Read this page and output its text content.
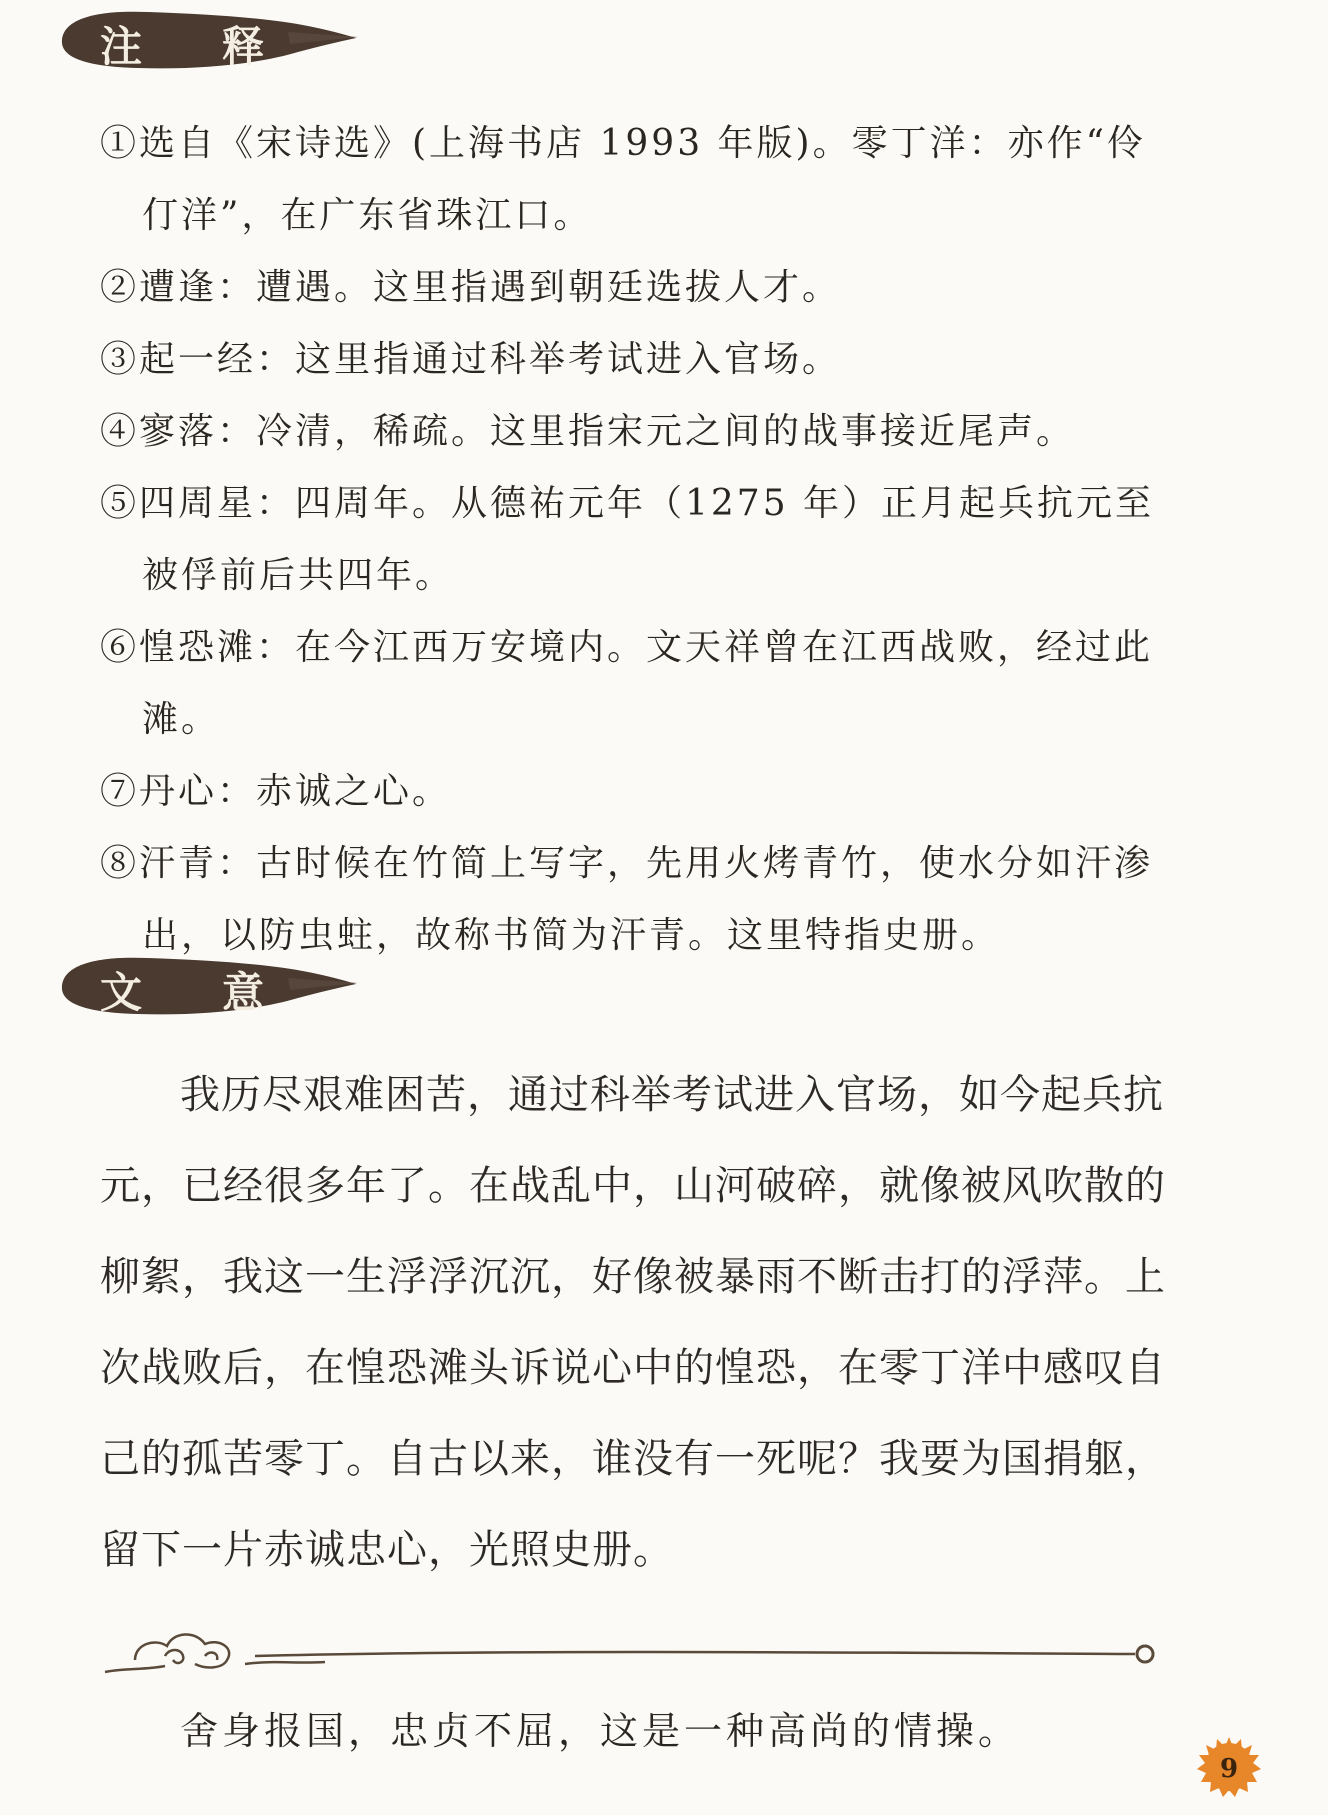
注释

①选自《宋诗选》(上海书店 1993 年版)。零丁洋：亦作“伶仃洋”，在广东省珠江口。

②遭逢：遭遇。这里指遇到朝廷选拔人才。

③起一经：这里指通过科举考试进入官场。

④寥落：冷清，稀疏。这里指宋元之间的战事接近尾声。

⑤四周星：四周年。从德祐元年（1275 年）正月起兵抗元至被俘前后共四年。

⑥惶恐滩：在今江西万安境内。文天祥曾在江西战败，经过此滩。

⑦丹心：赤诚之心。

⑧汗青：古时候在竹简上写字，先用火烤青竹，使水分如汗渗出，以防虫蛀，故称书简为汗青。这里特指史册。

文意

我历尽艰难困苦，通过科举考试进入官场，如今起兵抗元，已经很多年了。在战乱中，山河破碎，就像被风吹散的柳絮，我这一生浮浮沉沉，好像被暴雨不断击打的浮萍。上次战败后，在惶恐滩头诉说心中的惶恐，在零丁洋中感叹自己的孤苦零丁。自古以来，谁没有一死呢？我要为国捐躯，留下一片赤诚忠心，光照史册。

舍身报国，忠贞不屈，这是一种高尚的情操。

9
